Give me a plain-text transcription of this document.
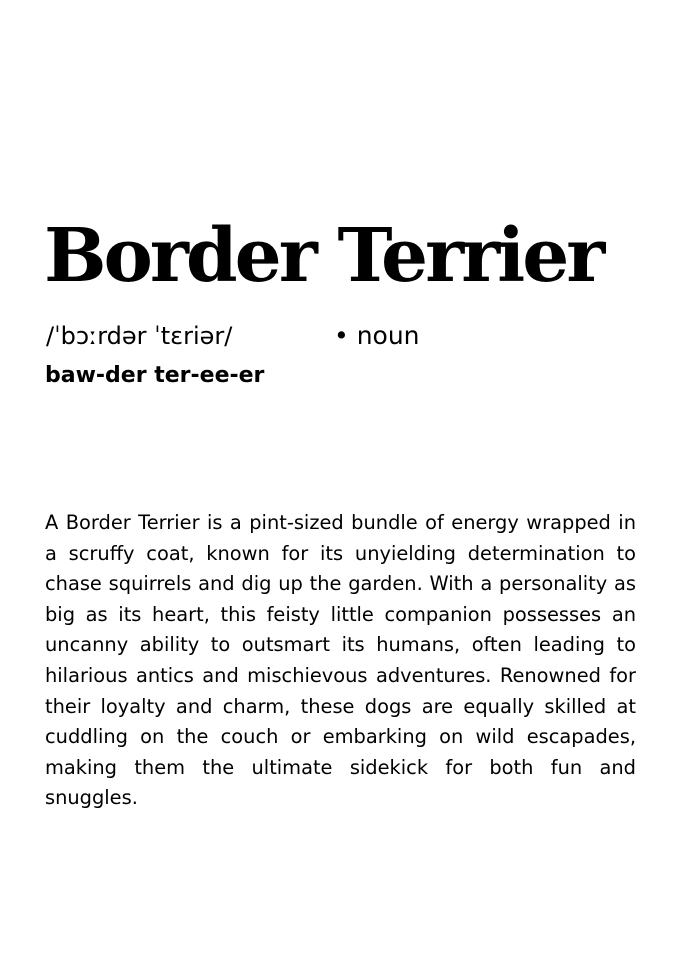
Border Terrier
/ˈbɔːrdər ˈtɛriər/	• noun
baw-der ter-ee-er

A Border Terrier is a pint-sized bundle of energy wrapped in a scruffy coat, known for its unyielding determination to chase squirrels and dig up the garden. With a personality as big as its heart, this feisty little companion possesses an uncanny ability to outsmart its humans, often leading to hilarious antics and mischievous adventures. Renowned for their loyalty and charm, these dogs are equally skilled at cuddling on the couch or embarking on wild escapades, making them the ultimate sidekick for both fun and snuggles.
